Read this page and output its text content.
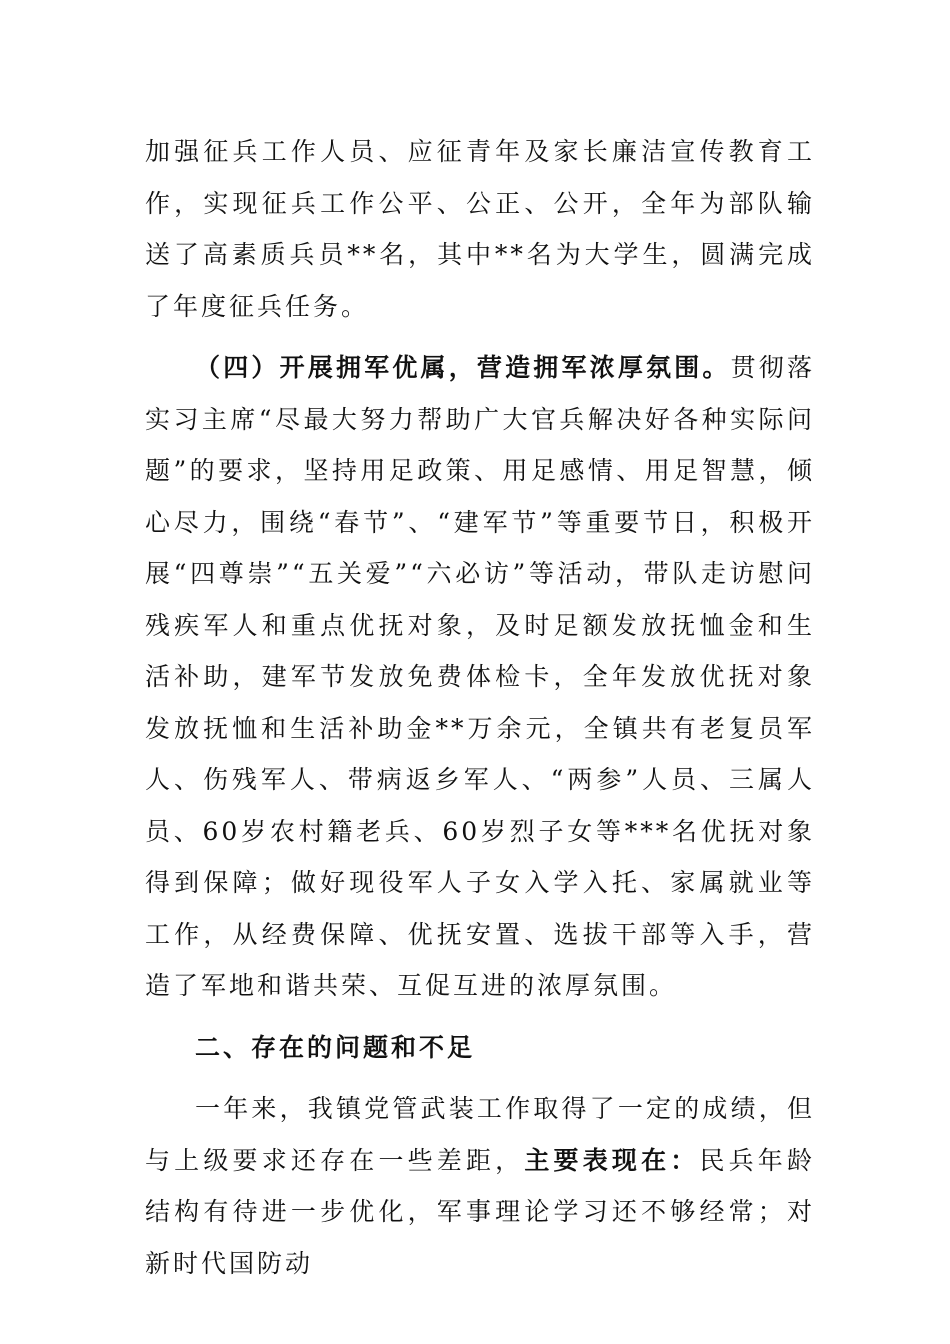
加强征兵工作人员、应征青年及家长廉洁宣传教育工作，实现征兵工作公平、公正、公开，全年为部队输送了高素质兵员**名，其中**名为大学生，圆满完成了年度征兵任务。

（四）开展拥军优属，营造拥军浓厚氛围。贯彻落实习主席“尽最大努力帮助广大官兵解决好各种实际问题”的要求，坚持用足政策、用足感情、用足智慧，倾心尽力，围绕“春节”、“建军节”等重要节日，积极开展“四尊崇”“五关爱”“六必访”等活动，带队走访慰问残疾军人和重点优抚对象，及时足额发放抚恤金和生活补助，建军节发放免费体检卡，全年发放优抚对象发放抚恤和生活补助金**万余元，全镇共有老复员军人、伤残军人、带病返乡军人、“两参”人员、三属人员、60岁农村籍老兵、60岁烈子女等***名优抚对象得到保障；做好现役军人子女入学入托、家属就业等工作，从经费保障、优抚安置、选拔干部等入手，营造了军地和谐共荣、互促互进的浓厚氛围。

二、存在的问题和不足

一年来，我镇党管武装工作取得了一定的成绩，但与上级要求还存在一些差距，主要表现在：民兵年龄结构有待进一步优化，军事理论学习还不够经常；对新时代国防动
